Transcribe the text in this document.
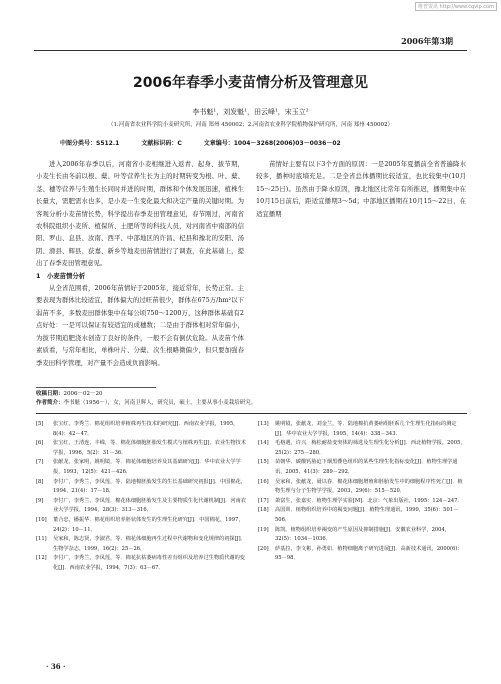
维普资讯 http://www.cqvip.com
2006年第3期
2006年春季小麦苗情分析及管理意见
李书魁¹，刘发魁¹，田云峰¹，宋玉立²
（1.河南省农业科学院小麦研究所，河南 郑州 450002；2.河南省农业科学院植物保护研究所，河南 郑州 450002）
中图分类号：S512.1	文献标识码：C	文章编号：1004－3268(2006)03－0036－02

进入2006年春季以后，河南省小麦相继进入返青、起身、拔节期，小麦生长由冬前以根、蘖、叶等营养生长为主的时期转变为根、叶、蘖、茎、穗等营养与生殖生长同时并进的时期，群体和个体发展迅速，植株生长量大，需肥需水也多，是小麦一生变化最大和决定产量的关键时期。为客观分析小麦苗情长势，科学提出春季麦田管理意见，春节刚过，河南省农科院组织小麦所、植保所、土肥所等的科技人员，对河南省中南部的信阳、罗山、息县、汝南、西平、中部地区的许昌、杞县和豫北的安阳、汤阴、滑县、辉县、获嘉、新乡等地麦田苗情进行了调查，在此基础上，提出了春季麦田管理意见。

1　小麦苗情分析

从全省范围看，2006年苗情好于2005年，接近常年，长势正常。主要表现为群体比较适宜，群体偏大的过旺苗很少，群体在675万/hm²以下弱苗不多，多数麦田群体集中在每公顷750～1200万，这种群体基础有2点好处：一是可以保证有较适宜的成穗数；二是由于群体相对常年偏小，为拔节期追肥浇水创造了良好的条件，一般不会有倒伏危险。从麦苗个体素质看，与常年相比，单株叶片、分蘖、次生根略微偏少，但只要加强春季麦田科学管理，对产量不会造成负面影响。

苗情好主要有以下3个方面的原因：一是2005年夏播前全省普遍降水较多，播种时底墒充足。二是全省总体播期比较适宜，也比较集中(10月15～25日)。虽然由于降水原因，豫北地区比常年有所推迟，播期集中在10月15日前后，距适宜播期3～5d；中部地区播期在10月15～22日，在适宜播期

收稿日期：2006－02－20
作者简介：李书魁（1956－），女，河南卫辉人，研究员，硕士，主要从事小麦栽培研究。
[5]	张宝红，李秀兰．棉花组织培养植株再生技术的研究[J]．西南农业学报，1995，8(4)：42－47．
[6]	张宝红，王清连，丰嵘，等．棉花体细胞胚胎发生模式与植株再生[J]．农业生物技术学报，1996，5(2)：31－36．
[7]	张献龙，张家明，姚明镜，等．棉花体细胞培养及其基础研究[J]．华中农业大学学报，1993，12(5)：421－426．
[8]	李付广，李秀兰，李凤莲，等．陆地棉胚胎发生的生长基础研究初报[J]．中国棉花，1994，21(4)：17－18．
[9]	李付广，李秀兰，李凤莲．棉花体细胞胚胎发生及主要物质生化代谢机制[J]．河南农业大学学报，1994，28(3)：313－316．
[10]	董合忠，播振华．棉花组织培养胚状体发生的生理生化研究[J]．中国棉花，1997，24(2)：10－11．
[11]	吴家和，陈志贤，李淑君，等．棉花体细胞再生过程中代谢物和变化规律的初探[J]．生物学杂志，1999，16(2)：25－26．
[12]	李付广，李秀兰，李凤莲，等．棉花抗枯萎病毒性差有组织及培养过生物质代谢的变化[J]．西南农业学报，1994，7(3)：63－67．
[13]	姚明镜，张献龙，刘金兰，等．陆地棉抗黄萎病组胚系几个生理生化指标的测定[J]．华中农业大学学报，1995，14(4)：338－343．
[14]	毛榕遇，许兴．梅松耐盐变突体的筛选及生理生化分析[J]．西北植物学报，2005，25(2)：275－280．
[15]	苗朝华．碳酸钙胁迫下烟黑叠色组织的某些生理生化指标变化[J]．植物生理学通讯，2005，41(3)：289－292．
[16]	吴家和，张献龙，聂以春．棉花体细胞增殖和胚胎发生中的细胞程序性死亡[J]．植物生理与分子生物学学报，2003，29(6)：515－520．
[17]	萧富生，张嘉实．植物生理学实验[M]．北京：气象出版社，1995：124－247．
[18]	高国训．植物组织培养中的褐变问题[J]．植物生理通讯，1999，35(6)：501－506．
[19]	陈凯．植物组织培养褐变的产生原因及抑制措施[J]．安徽农业科学，2004，32(5)：1034－1036．
[20]	萨基拉，李文彬，孙勇如．植物细胞离子研究进展[J]．高新技术通讯，2000(6)：95－98．
· 36 ·
